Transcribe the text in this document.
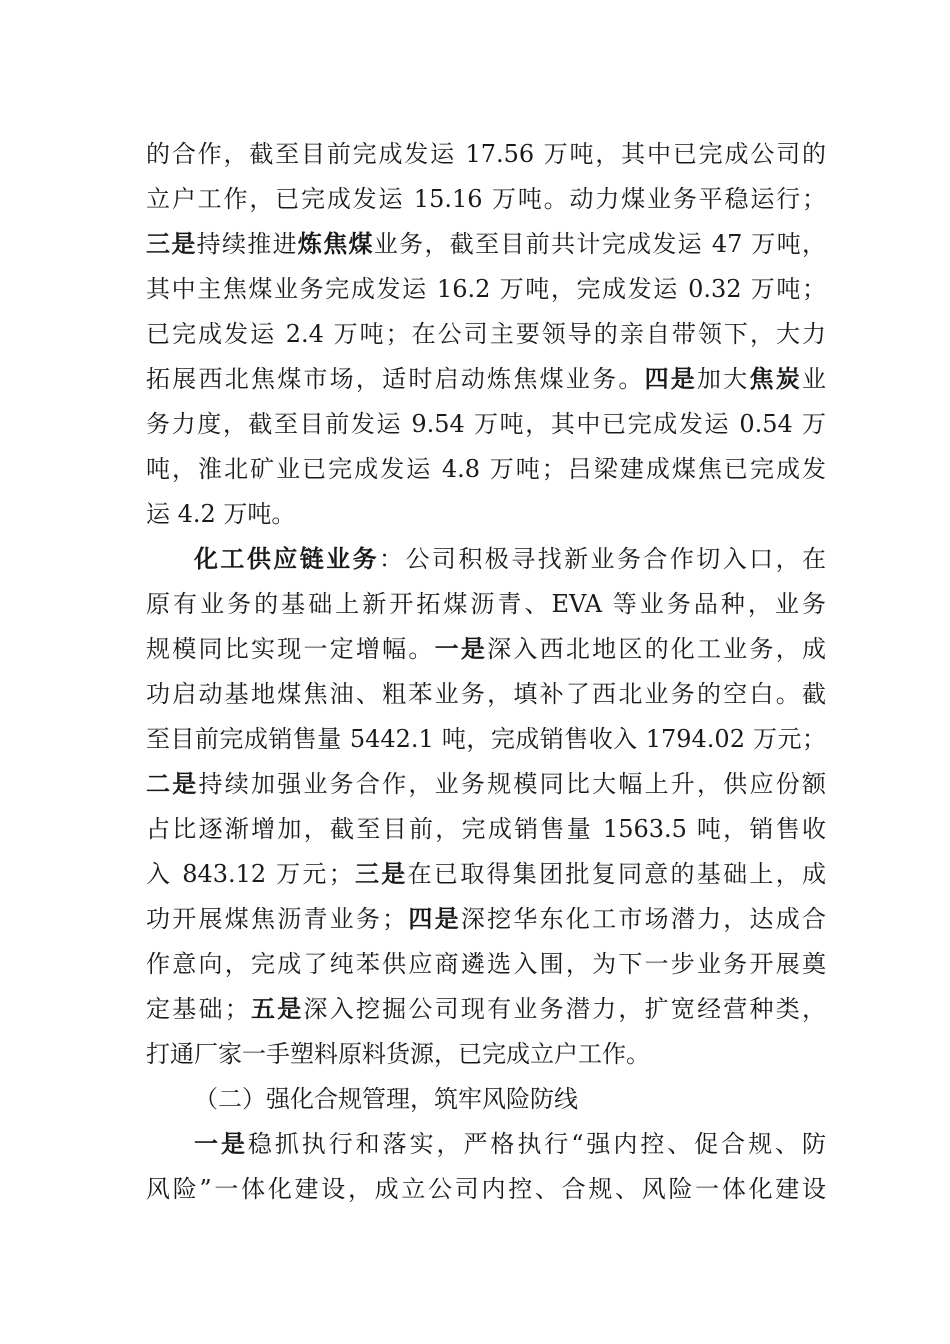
的合作，截至目前完成发运 17.56 万吨，其中已完成公司的
立户工作，已完成发运 15.16 万吨。动力煤业务平稳运行；
三是持续推进炼焦煤业务，截至目前共计完成发运 47 万吨，
其中主焦煤业务完成发运 16.2 万吨，完成发运 0.32 万吨；
已完成发运 2.4 万吨；在公司主要领导的亲自带领下，大力
拓展西北焦煤市场，适时启动炼焦煤业务。四是加大焦炭业
务力度，截至目前发运 9.54 万吨，其中已完成发运 0.54 万
吨，淮北矿业已完成发运 4.8 万吨；吕梁建成煤焦已完成发
运 4.2 万吨。
化工供应链业务：公司积极寻找新业务合作切入口，在
原有业务的基础上新开拓煤沥青、EVA 等业务品种，业务
规模同比实现一定增幅。一是深入西北地区的化工业务，成
功启动基地煤焦油、粗苯业务，填补了西北业务的空白。截
至目前完成销售量 5442.1 吨，完成销售收入 1794.02 万元；
二是持续加强业务合作，业务规模同比大幅上升，供应份额
占比逐渐增加，截至目前，完成销售量 1563.5 吨，销售收
入 843.12 万元；三是在已取得集团批复同意的基础上，成
功开展煤焦沥青业务；四是深挖华东化工市场潜力，达成合
作意向，完成了纯苯供应商遴选入围，为下一步业务开展奠
定基础；五是深入挖掘公司现有业务潜力，扩宽经营种类，
打通厂家一手塑料原料货源，已完成立户工作。
（二）强化合规管理，筑牢风险防线
一是稳抓执行和落实，严格执行“强内控、促合规、防
风险”一体化建设，成立公司内控、合规、风险一体化建设
